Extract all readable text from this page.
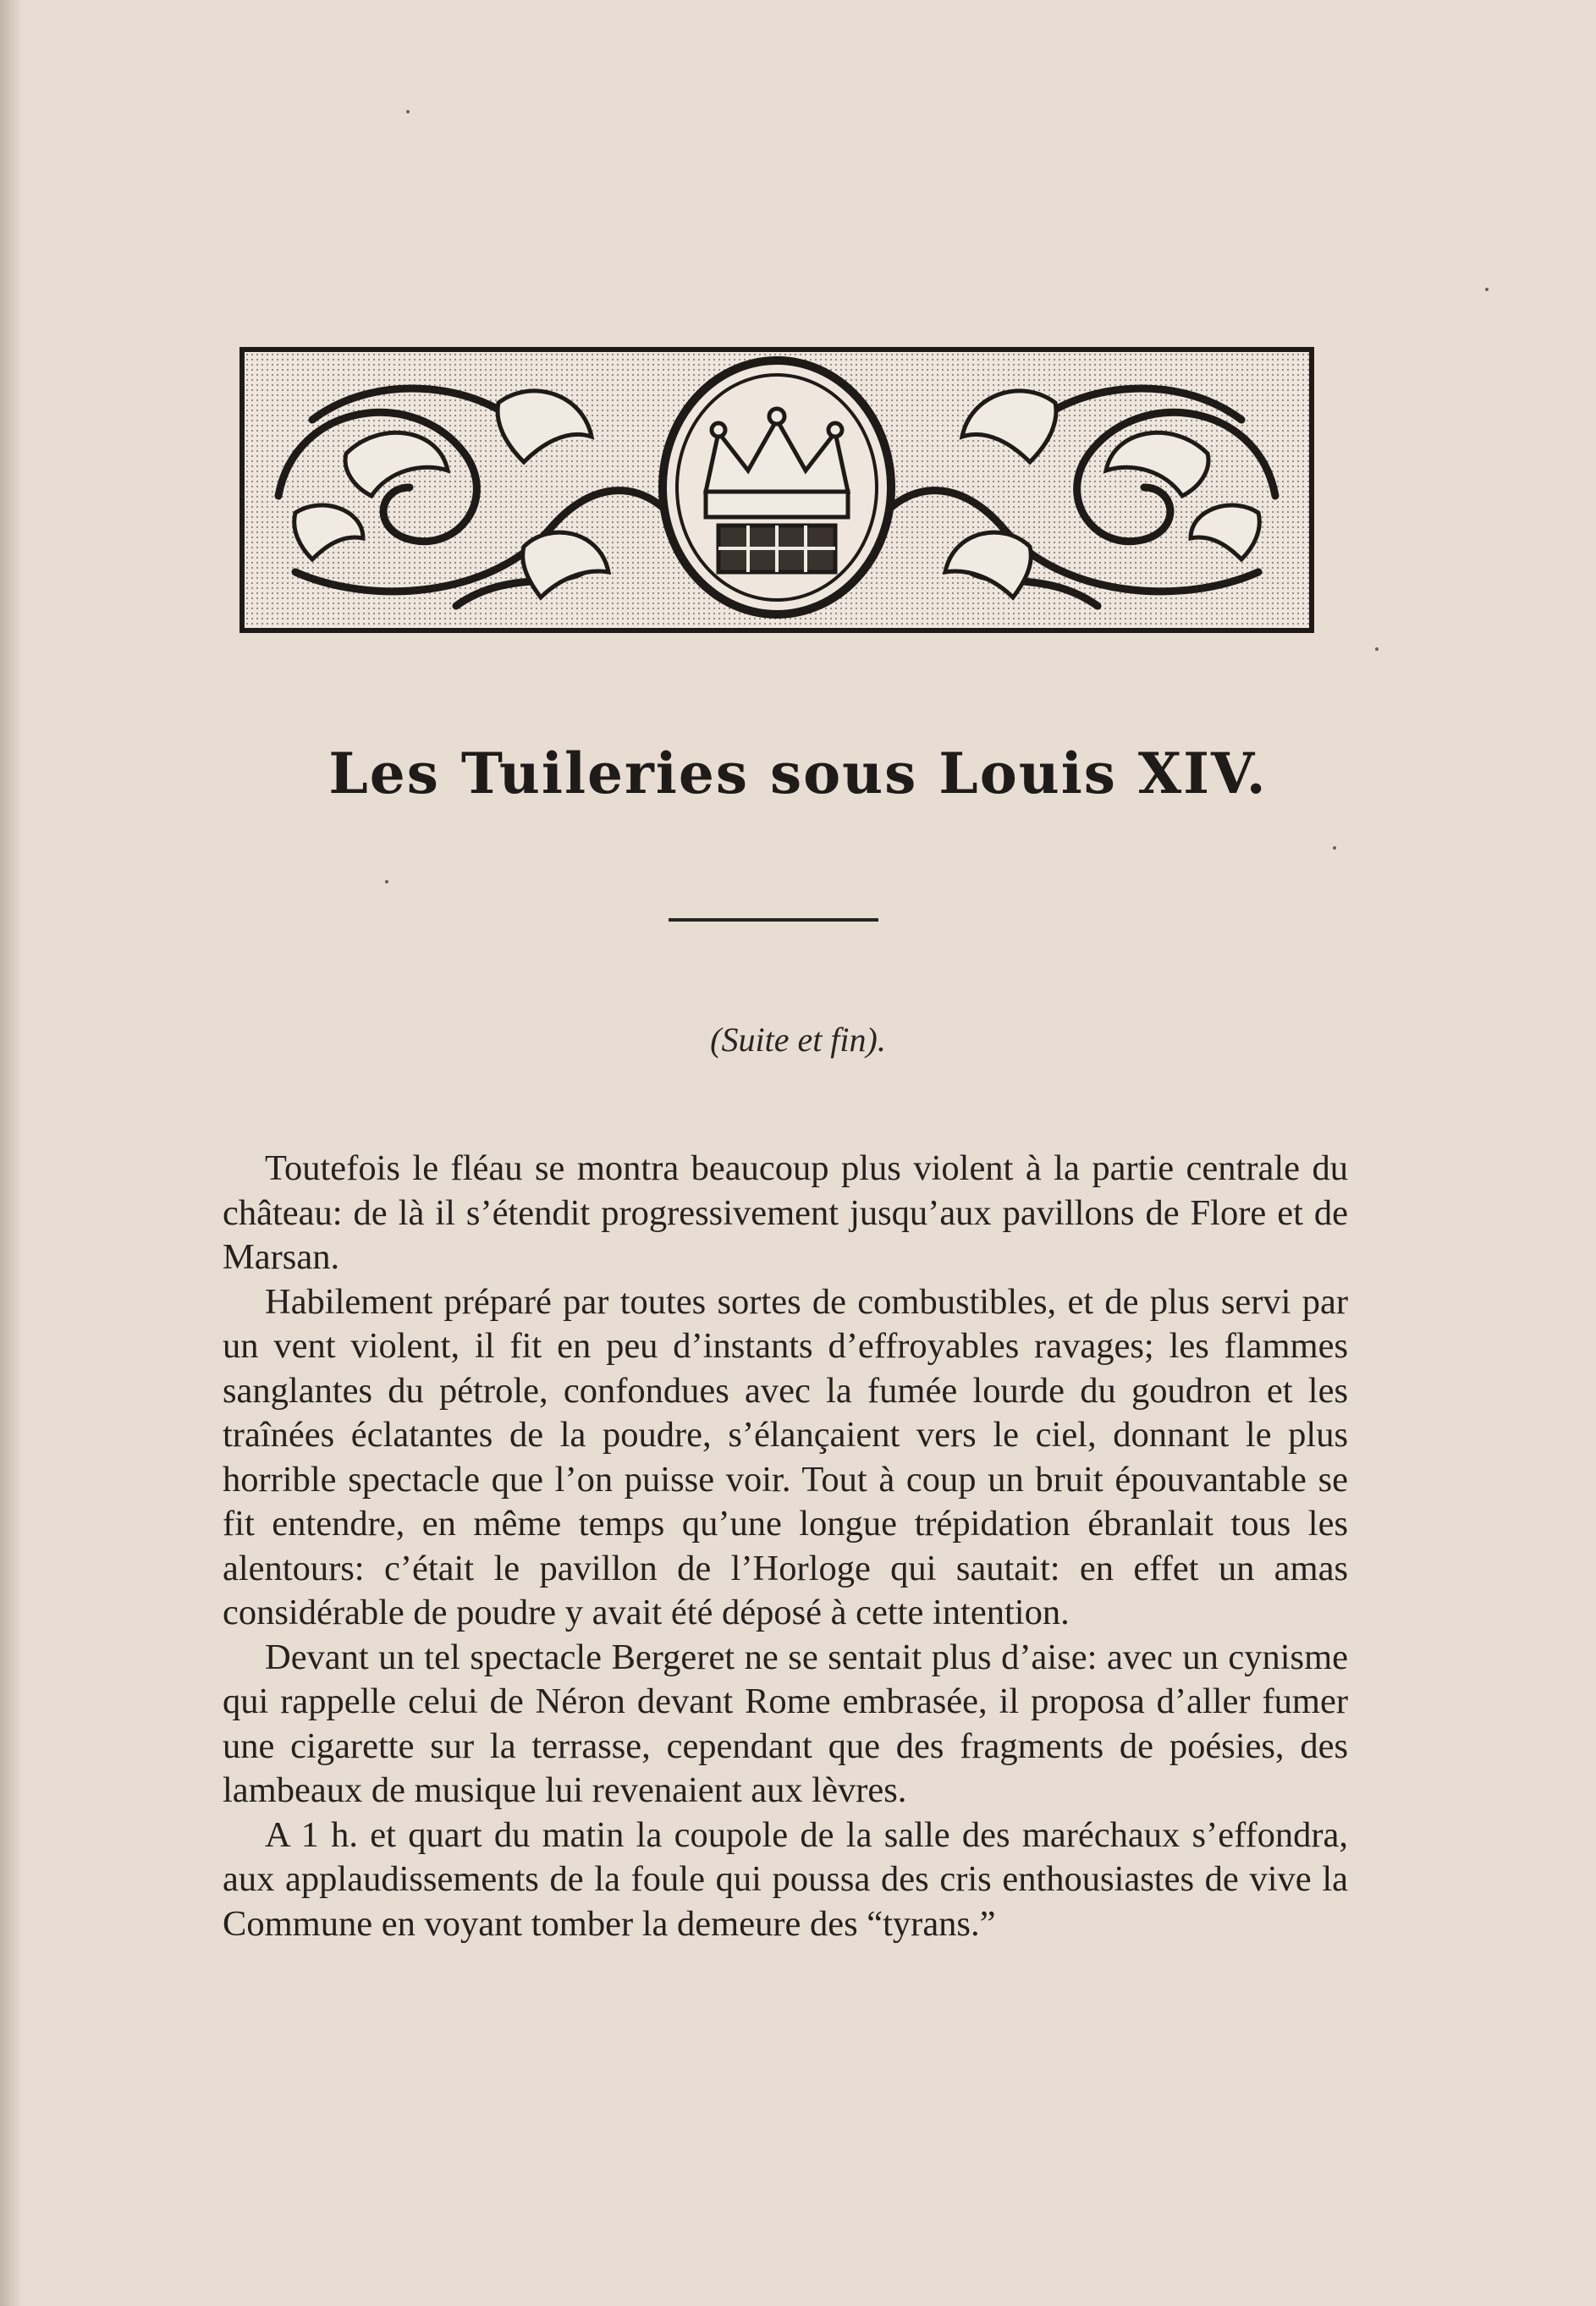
Les Tuileries sous Louis XIV.
(Suite et fin).

Toutefois le fléau se montra beaucoup plus violent à la partie centrale du château: de là il s’étendit progressivement jusqu’aux pavillons de Flore et de Marsan.

Habilement préparé par toutes sortes de combustibles, et de plus servi par un vent violent, il fit en peu d’instants d’effroyables ravages; les flammes sanglantes du pétrole, confondues avec la fumée lourde du goudron et les traînées éclatantes de la poudre, s’élançaient vers le ciel, donnant le plus horrible spectacle que l’on puisse voir. Tout à coup un bruit épouvantable se fit entendre, en même temps qu’une longue trépidation ébranlait tous les alentours: c’était le pavillon de l’Horloge qui sautait: en effet un amas considérable de poudre y avait été déposé à cette intention.

Devant un tel spectacle Bergeret ne se sentait plus d’aise: avec un cynisme qui rappelle celui de Néron devant Rome embrasée, il proposa d’aller fumer une cigarette sur la terrasse, cependant que des fragments de poésies, des lambeaux de musique lui revenaient aux lèvres.

A 1 h. et quart du matin la coupole de la salle des maréchaux s’effondra, aux applaudissements de la foule qui poussa des cris enthousiastes de vive la Commune en voyant tomber la demeure des “tyrans.”
